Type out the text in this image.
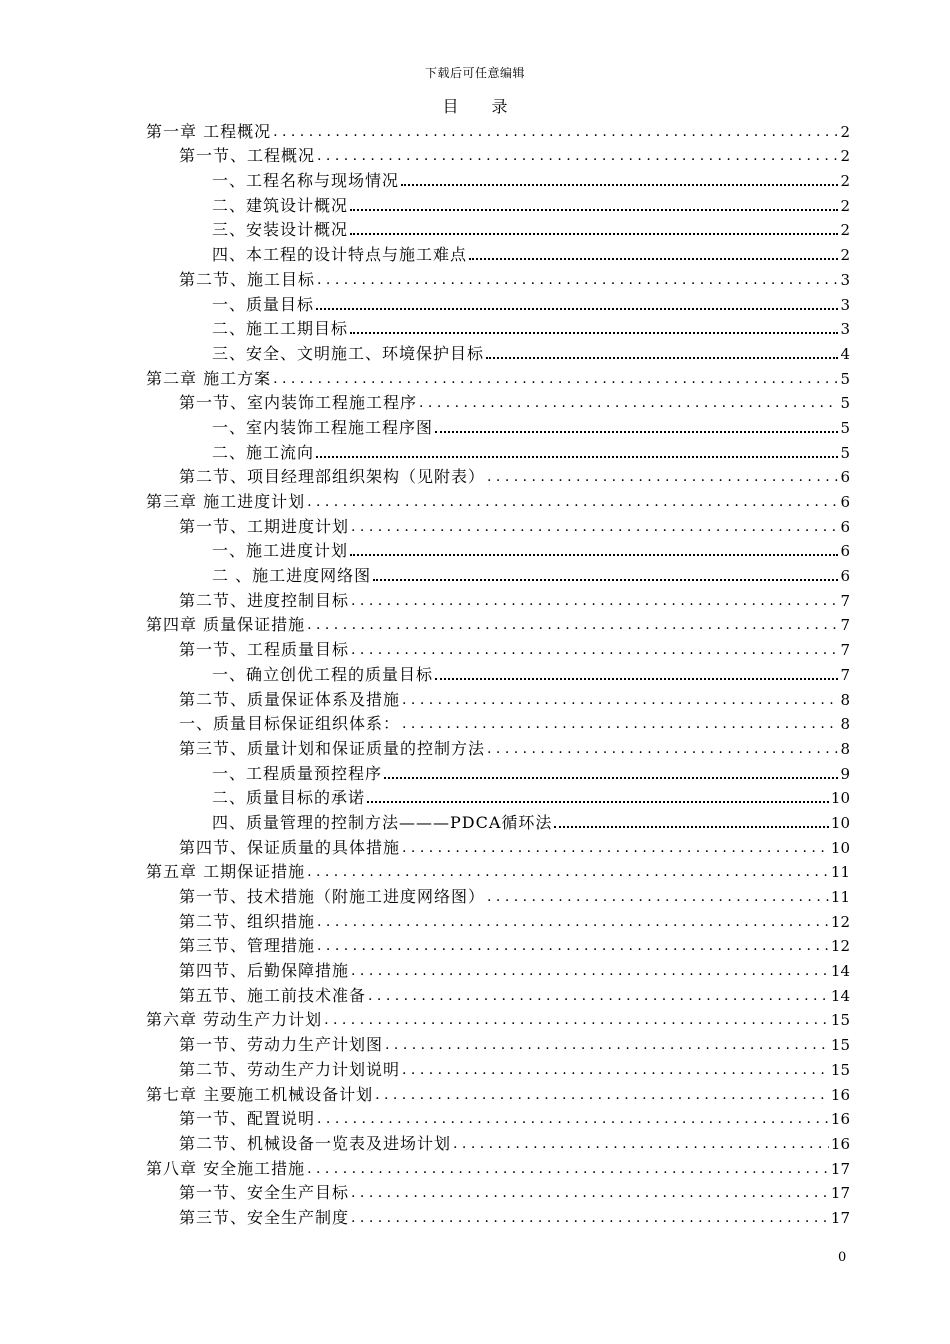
下载后可任意编辑
目 录
第一章 工程概况 . . .	2
第一节、工程概况 . . .	2
一、工程名称与现场情况	2
二、建筑设计概况	2
三、安装设计概况	2
四、本工程的设计特点与施工难点	2
第二节、施工目标 . . .	3
一、质量目标	3
二、施工工期目标	3
三、安全、文明施工、环境保护目标	4
第二章 施工方案 . . .	5
第一节、室内装饰工程施工程序 . . .	5
一、室内装饰工程施工程序图	5
二、施工流向	5
第二节、项目经理部组织架构（见附表） . . .	6
第三章 施工进度计划 . . .	6
第一节、工期进度计划 . . .	6
一、施工进度计划	6
二 、施工进度网络图	6
第二节、进度控制目标 . . .	7
第四章 质量保证措施 . . .	7
第一节、工程质量目标 . . .	7
一、确立创优工程的质量目标	7
第二节、质量保证体系及措施 . . .	8
一、质量目标保证组织体系： . . .	8
第三节、质量计划和保证质量的控制方法 . . .	8
一、工程质量预控程序	9
二、质量目标的承诺	10
四、质量管理的控制方法———PDCA循环法	10
第四节、保证质量的具体措施 . . .	10
第五章 工期保证措施 . . .	11
第一节、技术措施（附施工进度网络图） . . .	11
第二节、组织措施 . . .	12
第三节、管理措施 . . .	12
第四节、后勤保障措施 . . .	14
第五节、施工前技术准备 . . .	14
第六章 劳动生产力计划 . . .	15
第一节、劳动力生产计划图 . . .	15
第二节、劳动生产力计划说明 . . .	15
第七章 主要施工机械设备计划 . . .	16
第一节、配置说明 . . .	16
第二节、机械设备一览表及进场计划 . . .	16
第八章 安全施工措施 . . .	17
第一节、安全生产目标 . . .	17
第三节、安全生产制度 . . .	17
0
